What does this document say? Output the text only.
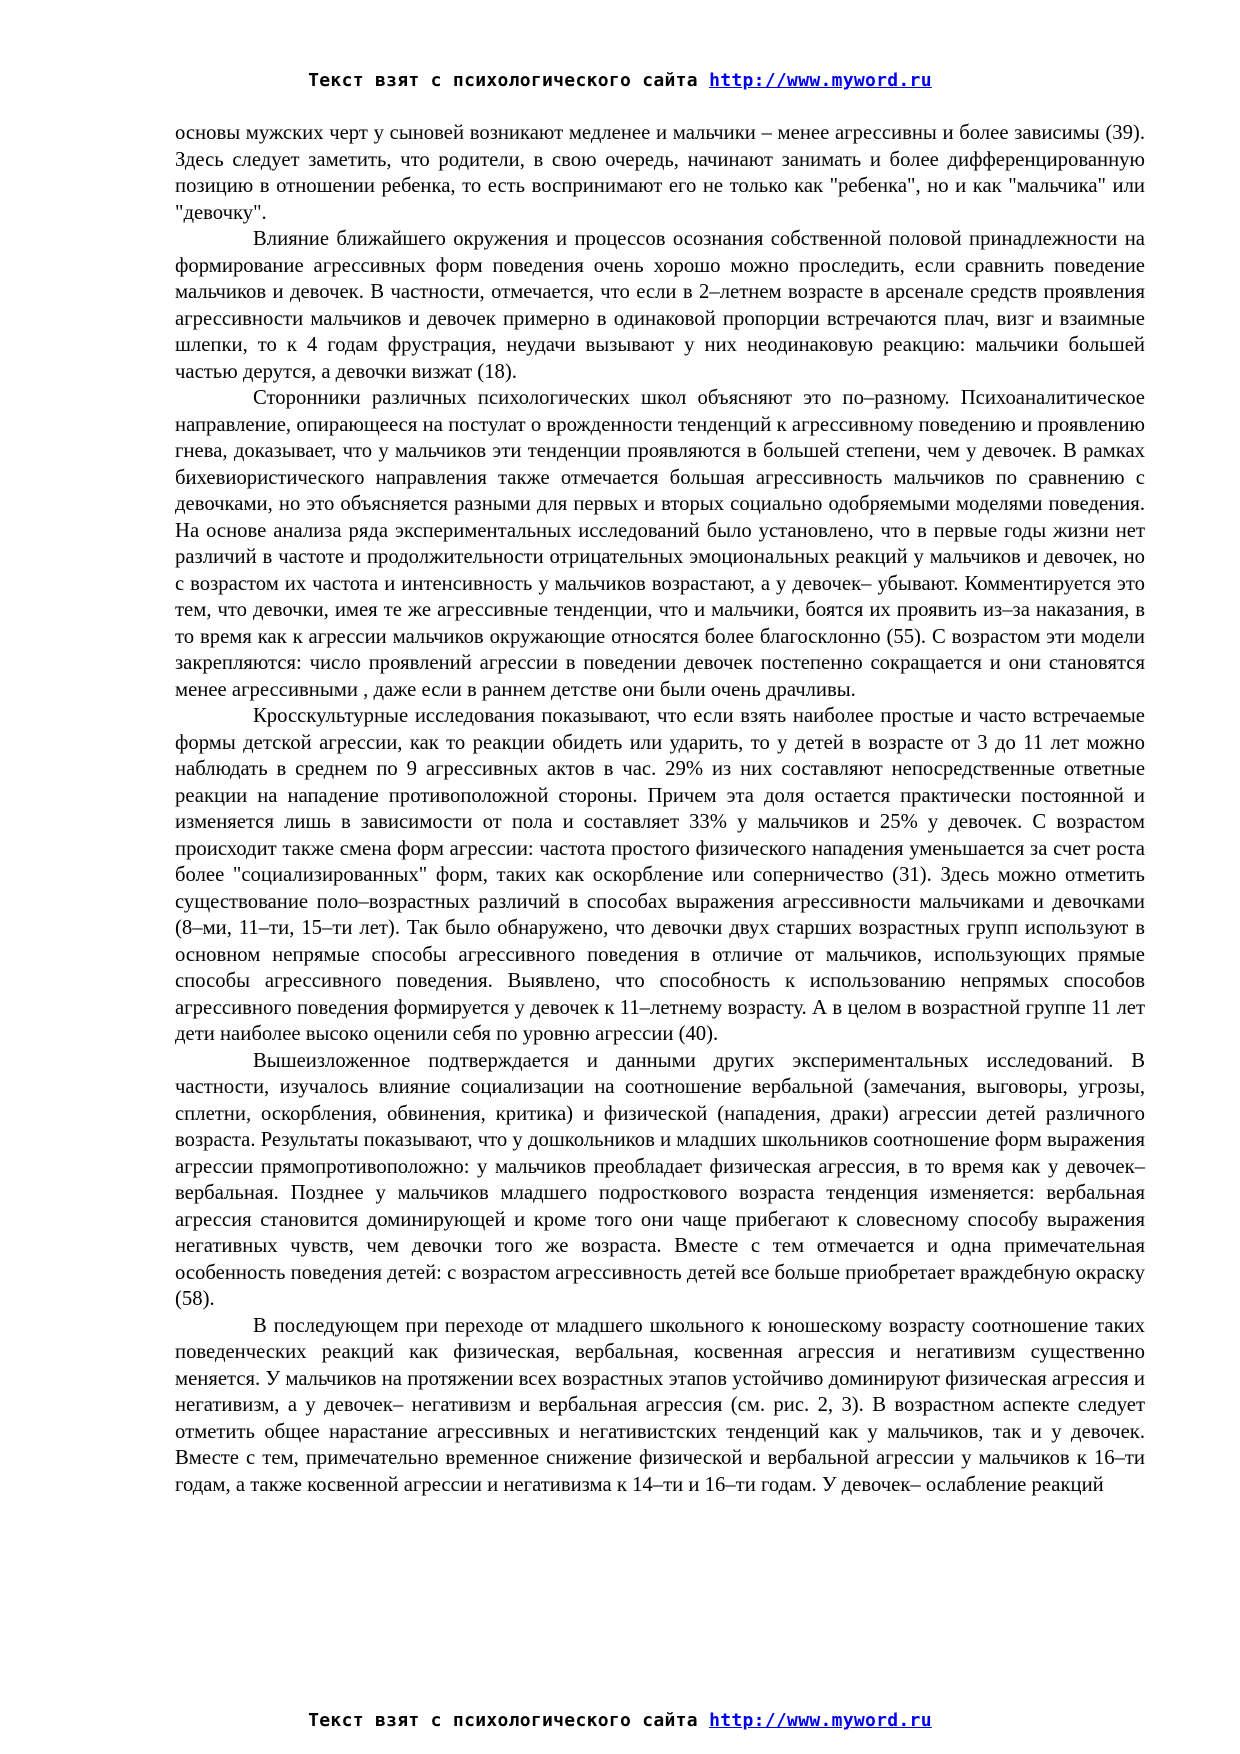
Текст взят с психологического сайта http://www.myword.ru

основы мужских черт у сыновей возникают медленее и мальчики – менее агрессивны и более зависимы (39). Здесь следует заметить, что родители, в свою очередь, начинают занимать и более дифференцированную позицию в отношении ребенка, то есть воспринимают его не только как "ребенка", но и как "мальчика" или "девочку".

Влияние ближайшего окружения и процессов осознания собственной половой принадлежности на формирование агрессивных форм поведения очень хорошо можно проследить, если сравнить поведение мальчиков и девочек. В частности, отмечается, что если в 2–летнем возрасте в арсенале средств проявления агрессивности мальчиков и девочек примерно в одинаковой пропорции встречаются плач, визг и взаимные шлепки, то к 4 годам фрустрация, неудачи вызывают у них неодинаковую реакцию: мальчики большей частью дерутся, а девочки визжат (18).

Сторонники различных психологических школ объясняют это по–разному. Психоаналитическое направление, опирающееся на постулат о врожденности тенденций к агрессивному поведению и проявлению гнева, доказывает, что у мальчиков эти тенденции проявляются в большей степени, чем у девочек. В рамках бихевиористического направления также отмечается большая агрессивность мальчиков по сравнению с девочками, но это объясняется разными для первых и вторых социально одобряемыми моделями поведения. На основе анализа ряда экспериментальных исследований было установлено, что в первые годы жизни нет различий в частоте и продолжительности отрицательных эмоциональных реакций у мальчиков и девочек, но с возрастом их частота и интенсивность у мальчиков возрастают, а у девочек– убывают. Комментируется это тем, что девочки, имея те же агрессивные тенденции, что и мальчики, боятся их проявить из–за наказания, в то время как к агрессии мальчиков окружающие относятся более благосклонно (55). С возрастом эти модели закрепляются: число проявлений агрессии в поведении девочек постепенно сокращается и они становятся менее агрессивными , даже если в раннем детстве они были очень драчливы.

Кросскультурные исследования показывают, что если взять наиболее простые и часто встречаемые формы детской агрессии, как то реакции обидеть или ударить, то у детей в возрасте от 3 до 11 лет можно наблюдать в среднем по 9 агрессивных актов в час. 29% из них составляют непосредственные ответные реакции на нападение противоположной стороны. Причем эта доля остается практически постоянной и изменяется лишь в зависимости от пола и составляет 33% у мальчиков и 25% у девочек. С возрастом происходит также смена форм агрессии: частота простого физического нападения уменьшается за счет роста более "социализированных" форм, таких как оскорбление или соперничество (31). Здесь можно отметить существование поло–возрастных различий в способах выражения агрессивности мальчиками и девочками (8–ми, 11–ти, 15–ти лет). Так было обнаружено, что девочки двух старших возрастных групп используют в основном непрямые способы агрессивного поведения в отличие от мальчиков, использующих прямые способы агрессивного поведения. Выявлено, что способность к использованию непрямых способов агрессивного поведения формируется у девочек к 11–летнему возрасту. А в целом в возрастной группе 11 лет дети наиболее высоко оценили себя по уровню агрессии (40).

Вышеизложенное подтверждается и данными других экспериментальных исследований. В частности, изучалось влияние социализации на соотношение вербальной (замечания, выговоры, угрозы, сплетни, оскорбления, обвинения, критика) и физической (нападения, драки) агрессии детей различного возраста. Результаты показывают, что у дошкольников и младших школьников соотношение форм выражения агрессии прямопротивоположно: у мальчиков преобладает физическая агрессия, в то время как у девочек– вербальная. Позднее у мальчиков младшего подросткового возраста тенденция изменяется: вербальная агрессия становится доминирующей и кроме того они чаще прибегают к словесному способу выражения негативных чувств, чем девочки того же возраста. Вместе с тем отмечается и одна примечательная особенность поведения детей: с возрастом агрессивность детей все больше приобретает враждебную окраску (58).

В последующем при переходе от младшего школьного к юношескому возрасту соотношение таких поведенческих реакций как физическая, вербальная, косвенная агрессия и негативизм существенно меняется. У мальчиков на протяжении всех возрастных этапов устойчиво доминируют физическая агрессия и негативизм, а у девочек– негативизм и вербальная агрессия (см. рис. 2, 3). В возрастном аспекте следует отметить общее нарастание агрессивных и негативистских тенденций как у мальчиков, так и у девочек. Вместе с тем, примечательно временное снижение физической и вербальной агрессии у мальчиков к 16–ти годам, а также косвенной агрессии и негативизма к 14–ти и 16–ти годам. У девочек– ослабление реакций

Текст взят с психологического сайта http://www.myword.ru
